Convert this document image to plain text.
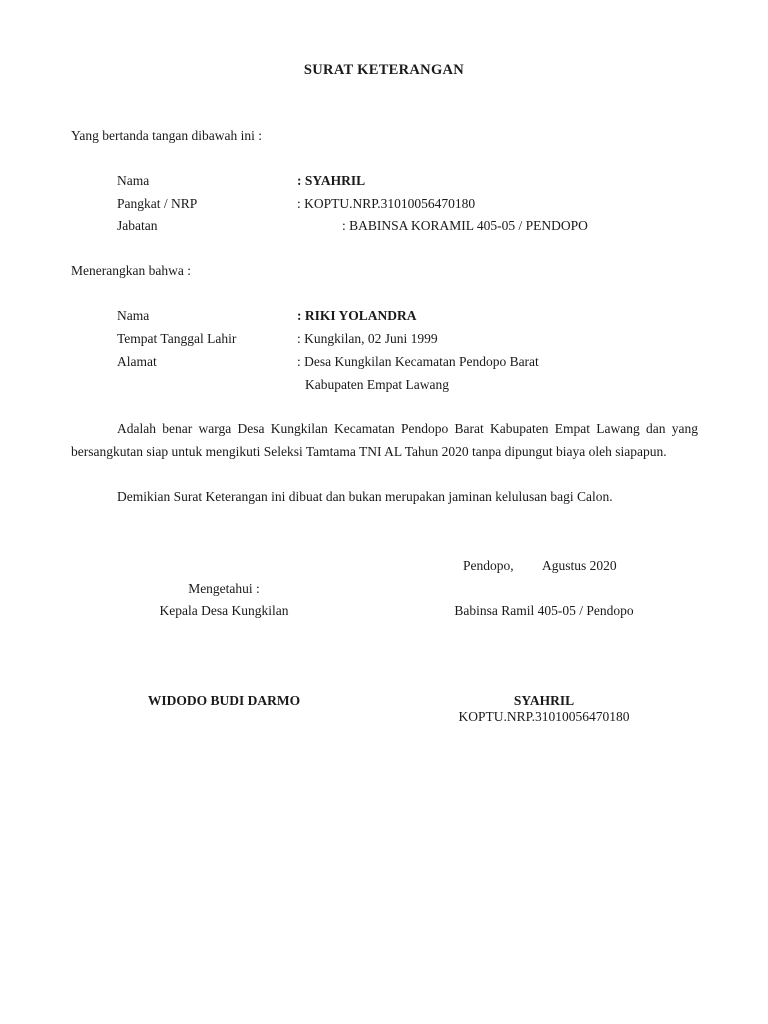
SURAT KETERANGAN
Yang bertanda tangan dibawah ini :
Nama	: SYAHRIL
Pangkat / NRP	: KOPTU.NRP.31010056470180
Jabatan	: BABINSA KORAMIL 405-05 / PENDOPO
Menerangkan bahwa :
Nama	: RIKI YOLANDRA
Tempat Tanggal Lahir	: Kungkilan, 02 Juni 1999
Alamat	: Desa Kungkilan Kecamatan Pendopo Barat
Kabupaten Empat Lawang
Adalah benar warga Desa Kungkilan Kecamatan Pendopo Barat Kabupaten Empat Lawang dan yang bersangkutan siap untuk mengikuti Seleksi Tamtama TNI AL Tahun 2020 tanpa dipungut biaya oleh siapapun.
Demikian Surat Keterangan ini dibuat dan bukan merupakan jaminan kelulusan bagi Calon.
Pendopo, Agustus 2020
Mengetahui :
Kepala Desa Kungkilan
WIDODO BUDI DARMO
Babinsa Ramil 405-05 / Pendopo
SYAHRIL
KOPTU.NRP.31010056470180
